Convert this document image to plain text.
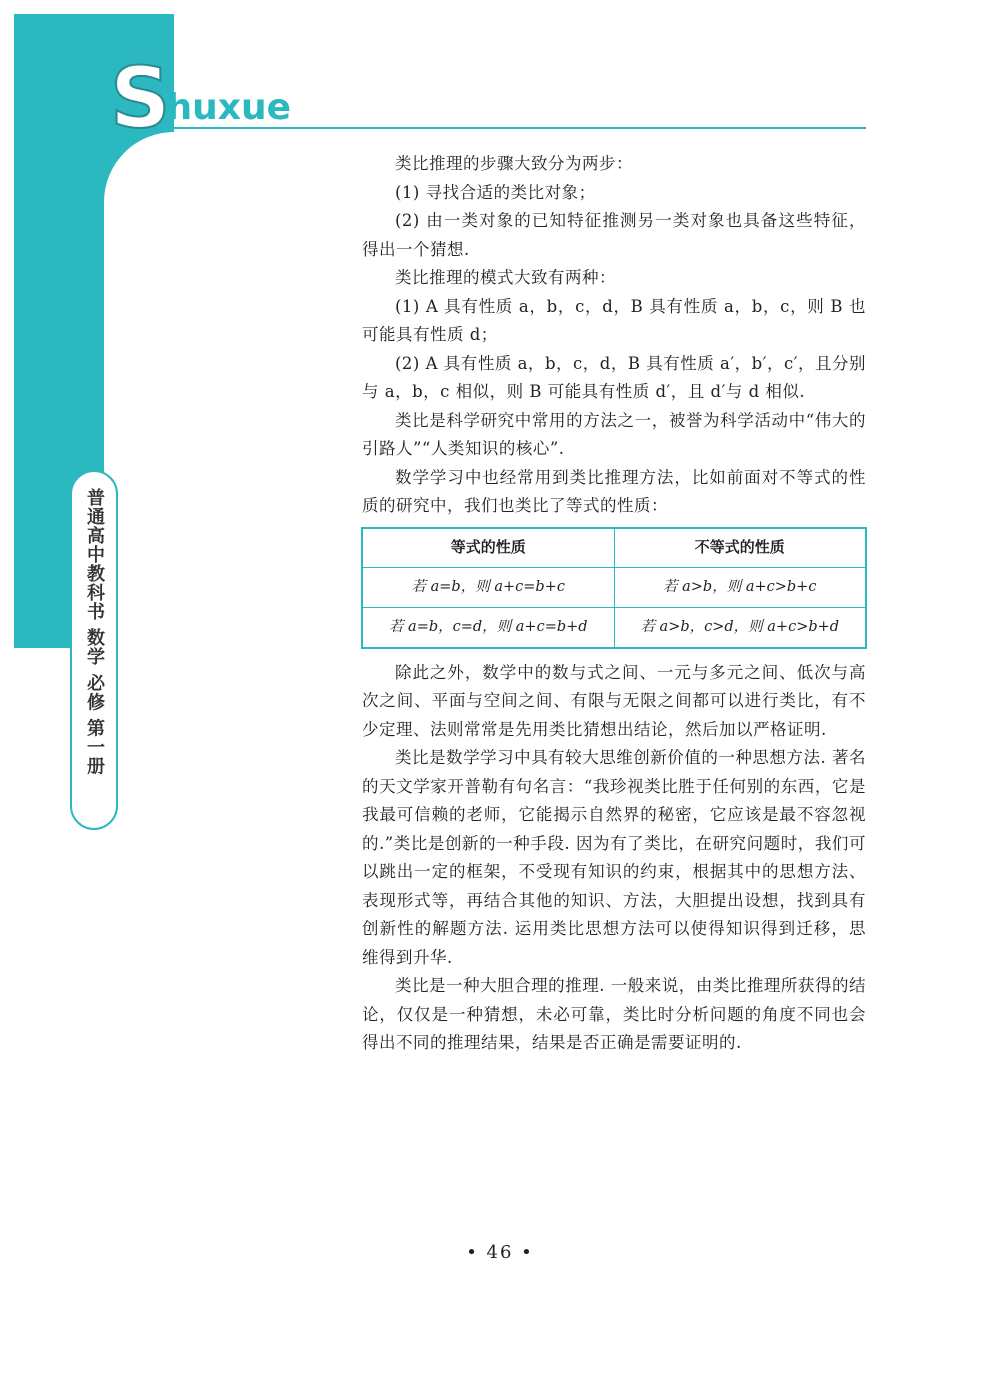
Shuxue
普通高中教科书 数学 必修 第一册

类比推理的步骤大致分为两步：

(1) 寻找合适的类比对象；

(2) 由一类对象的已知特征推测另一类对象也具备这些特征，得出一个猜想.

类比推理的模式大致有两种：

(1) A 具有性质 a，b，c，d，B 具有性质 a，b，c，则 B 也可能具有性质 d；

(2) A 具有性质 a，b，c，d，B 具有性质 a′，b′，c′，且分别与 a，b，c 相似，则 B 可能具有性质 d′，且 d′与 d 相似.

类比是科学研究中常用的方法之一，被誉为科学活动中“伟大的引路人”“人类知识的核心”.

数学学习中也经常用到类比推理方法，比如前面对不等式的性质的研究中，我们也类比了等式的性质：

等式的性质	不等式的性质
若 a=b，则 a+c=b+c	若 a>b，则 a+c>b+c
若 a=b，c=d，则 a+c=b+d	若 a>b，c>d，则 a+c>b+d

除此之外，数学中的数与式之间、一元与多元之间、低次与高次之间、平面与空间之间、有限与无限之间都可以进行类比，有不少定理、法则常常是先用类比猜想出结论，然后加以严格证明.

类比是数学学习中具有较大思维创新价值的一种思想方法. 著名的天文学家开普勒有句名言：“我珍视类比胜于任何别的东西，它是我最可信赖的老师，它能揭示自然界的秘密，它应该是最不容忽视的.”类比是创新的一种手段. 因为有了类比，在研究问题时，我们可以跳出一定的框架，不受现有知识的约束，根据其中的思想方法、表现形式等，再结合其他的知识、方法，大胆提出设想，找到具有创新性的解题方法. 运用类比思想方法可以使得知识得到迁移，思维得到升华.

类比是一种大胆合理的推理. 一般来说，由类比推理所获得的结论，仅仅是一种猜想，未必可靠，类比时分析问题的角度不同也会得出不同的推理结果，结果是否正确是需要证明的.

• 46 •
